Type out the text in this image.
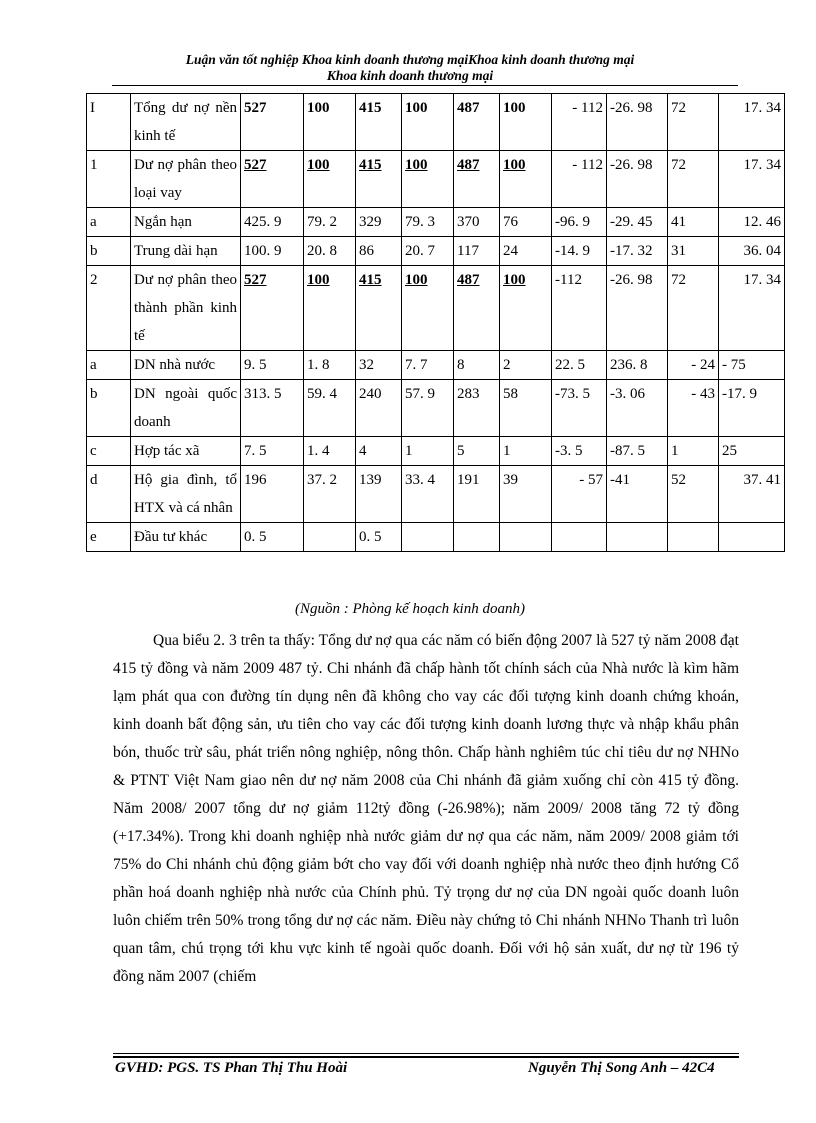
Luận văn tốt nghiệp Khoa kinh doanh thương mạiKhoa kinh doanh thương mại
Khoa kinh doanh thương mại
I	Tổng dư nợ nền kinh tế	527	100	415	100	487	100	- 112	-26. 98	72	17. 34
1	Dư nợ phân theo loại vay	527	100	415	100	487	100	- 112	-26. 98	72	17. 34
a	Ngắn hạn	425. 9	79. 2	329	79. 3	370	76	-96. 9	-29. 45	41	12. 46
b	Trung dài hạn	100. 9	20. 8	86	20. 7	117	24	-14. 9	-17. 32	31	36. 04
2	Dư nợ phân theo thành phần kinh tế	527	100	415	100	487	100	-112	-26. 98	72	17. 34
a	DN nhà nước	9. 5	1. 8	32	7. 7	8	2	22. 5	236. 8	- 24	- 75
b	DN ngoài quốc doanh	313. 5	59. 4	240	57. 9	283	58	-73. 5	-3. 06	- 43	-17. 9
c	Hợp tác xã	7. 5	1. 4	4	1	5	1	-3. 5	-87. 5	1	25
d	Hộ gia đình, tổ HTX và cá nhân	196	37. 2	139	33. 4	191	39	- 57	-41	52	37. 41
e	Đầu tư khác	0. 5		0. 5							
(Nguồn : Phòng kế hoạch kinh doanh)

Qua biểu 2. 3 trên ta thấy: Tổng dư nợ qua các năm có biến động 2007 là 527 tỷ năm 2008 đạt 415 tỷ đồng và năm 2009 487 tỷ. Chi nhánh đã chấp hành tốt chính sách của Nhà nước là kìm hãm lạm phát qua con đường tín dụng nên đã không cho vay các đối tượng kinh doanh chứng khoán, kinh doanh bất động sản, ưu tiên cho vay các đối tượng kinh doanh lương thực và nhập khẩu phân bón, thuốc trừ sâu, phát triển nông nghiệp, nông thôn. Chấp hành nghiêm túc chỉ tiêu dư nợ NHNo & PTNT Việt Nam giao nên dư nợ năm 2008 của Chi nhánh đã giảm xuống chỉ còn 415 tỷ đồng. Năm 2008/ 2007 tổng dư nợ giảm 112tỷ đồng (-26.98%); năm 2009/ 2008 tăng 72 tỷ đồng (+17.34%). Trong khi doanh nghiệp nhà nước giảm dư nợ qua các năm, năm 2009/ 2008 giảm tới 75% do Chi nhánh chủ động giảm bớt cho vay đối với doanh nghiệp nhà nước theo định hướng Cổ phần hoá doanh nghiệp nhà nước của Chính phủ. Tỷ trọng dư nợ của DN ngoài quốc doanh luôn luôn chiếm trên 50% trong tổng dư nợ các năm. Điều này chứng tỏ Chi nhánh NHNo Thanh trì luôn quan tâm, chú trọng tới khu vực kinh tế ngoài quốc doanh. Đối với hộ sản xuất, dư nợ từ 196 tỷ đồng năm 2007 (chiếm

GVHD: PGS. TS Phan Thị Thu Hoài	Nguyễn Thị Song Anh – 42C4
